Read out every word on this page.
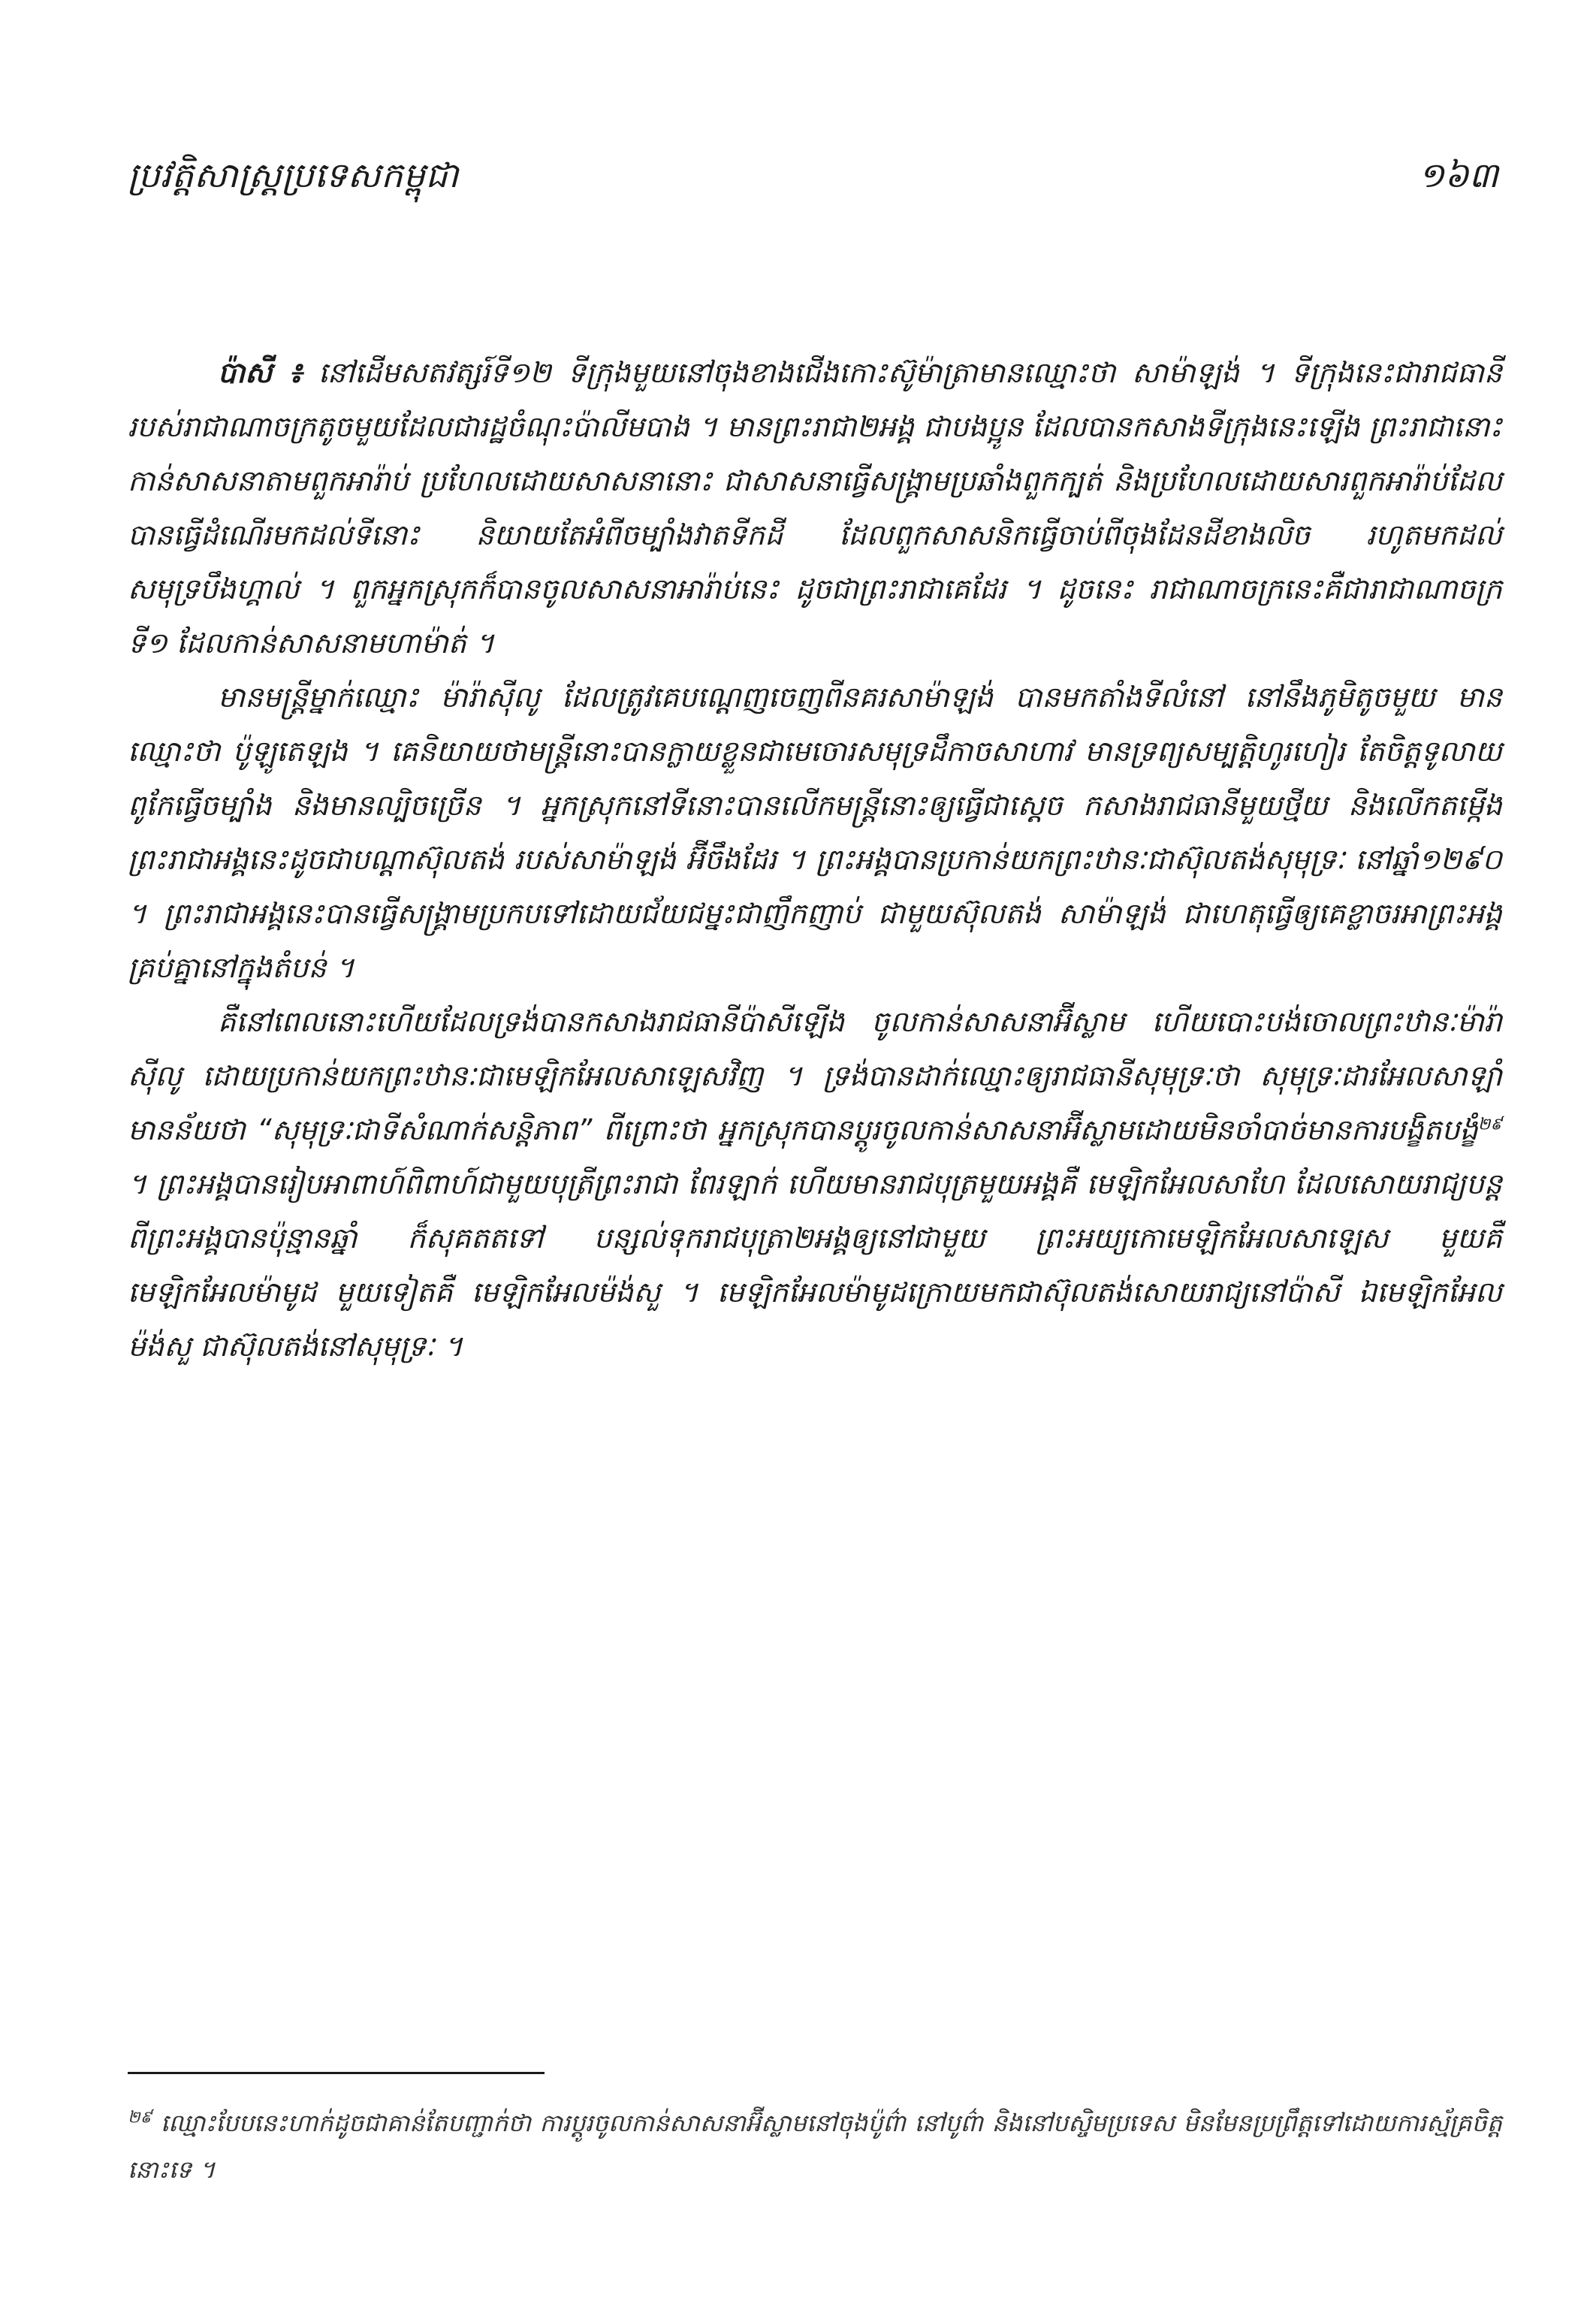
ប្រវត្តិសាស្ត្រប្រទេសកម្ពុជា	១៦៣

ប៉ាសី ៖ នៅដើមសតវត្សរ៍ទី១២ ទីក្រុងមួយនៅចុងខាងជើងកោះស៊ូម៉ាត្រាមានឈ្មោះថា សាម៉ាឡង់ ។ ទីក្រុងនេះជារាជធានីរបស់រាជាណាចក្រតូចមួយដែលជារដ្ឋចំណុះប៉ាលីមបាង ។ មានព្រះរាជា២អង្គ ជាបងប្អូន ដែលបានកសាងទីក្រុងនេះឡើង ព្រះរាជានោះកាន់សាសនាតាមពួកអារ៉ាប់ ប្រហែលដោយសាសនានោះ ជាសាសនាធ្វើសង្គ្រាមប្រឆាំងពួកក្បត់ និងប្រហែលដោយសារពួកអារ៉ាប់ដែលបានធ្វើដំណើរមកដល់ទីនោះ និយាយតែអំពីចម្បាំងវាតទីកដី ដែលពួកសាសនិកធ្វើចាប់ពីចុងដែនដីខាងលិច រហូតមកដល់សមុទ្របឹងហ្គាល់ ។ ពួកអ្នកស្រុកក៏បានចូលសាសនាអារ៉ាប់នេះ ដូចជាព្រះរាជាគេដែរ ។ ដូចនេះ រាជាណាចក្រនេះគឺជារាជាណាចក្រ ទី១ ដែលកាន់សាសនាមហាម៉ាត់ ។

មានមន្ត្រីម្នាក់ឈ្មោះ ម៉ារ៉ាស៊ីលូ ដែលត្រូវគេបណ្តេញចេញពីនគរសាម៉ាឡង់ បានមកតាំងទីលំនៅ នៅនឹងភូមិតូចមួយ មានឈ្មោះថា ប៉ូឡូតេឡង ។ គេនិយាយថាមន្ត្រីនោះបានក្លាយខ្លួនជាមេចោរសមុទ្រដឹកាចសាហាវ មានទ្រព្យសម្បត្តិហូរហៀរ តែចិត្តទូលាយ ពូកែធ្វើចម្បាំង និងមានល្បិចច្រើន ។ អ្នកស្រុកនៅទីនោះបានលើកមន្ត្រីនោះឲ្យធ្វើជាស្តេច កសាងរាជធានីមួយថ្មីយ និងលើកតម្កើងព្រះរាជាអង្គនេះដូចជាបណ្តាស៊ុលតង់ របស់សាម៉ាឡង់ អ៊ីចឹងដែរ ។ ព្រះអង្គបានប្រកាន់យកព្រះឋានៈជាស៊ុលតង់សុមុទ្រៈ នៅឆ្នាំ១២៩០ ។ ព្រះរាជាអង្គនេះបានធ្វើសង្គ្រាមប្រកបទៅដោយជ័យជម្នះជាញឹកញាប់ ជាមួយស៊ុលតង់ សាម៉ាឡង់ ជាហេតុធ្វើឲ្យគេខ្លាចរអាព្រះអង្គគ្រប់គ្នានៅក្នុងតំបន់ ។

គឺនៅពេលនោះហើយដែលទ្រង់បានកសាងរាជធានីប៉ាសីឡើង ចូលកាន់សាសនាអ៊ីស្លាម ហើយបោះបង់ចោលព្រះឋានៈម៉ារ៉ាស៊ីលូ ដោយប្រកាន់យកព្រះឋានៈជាមេឡិកអែលសាឡេសវិញ ។ ទ្រង់បានដាក់ឈ្មោះឲ្យរាជធានីសុមុទ្រៈថា សុមុទ្រៈដារអែលសាឡាំ មានន័យថា “សុមុទ្រៈជាទីសំណាក់សន្តិភាព” ពីព្រោះថា អ្នកស្រុកបានប្តូរចូលកាន់សាសនាអ៊ីស្លាមដោយមិនចាំបាច់មានការបង្ខិតបង្ខំ$^{២៩}$ ។ ព្រះអង្គបានរៀបអាពាហ៍ពិពាហ៍ជាមួយបុត្រីព្រះរាជា ពែរឡាក់ ហើយមានរាជបុត្រមួយអង្គគឺ មេឡិកអែលសាហែ ដែលសោយរាជ្យបន្តពីព្រះអង្គបានប៉ុន្មានឆ្នាំ ក៏សុគតតទៅ បន្សល់ទុករាជបុត្រា២អង្គឲ្យនៅជាមួយ ព្រះអយ្យកោមេឡិកអែលសាឡេស មួយគឺ មេឡិកអែលម៉ាមូដ មួយទៀតគឺ មេឡិកអែលម៉ង់សួ ។ មេឡិកអែលម៉ាមូដក្រោយមកជាស៊ុលតង់សោយរាជ្យនៅប៉ាសី ឯមេឡិកអែលម៉ង់សួ ជាស៊ុលតង់នៅសុមុទ្រៈ ។

$^{២៩}$ ឈ្មោះបែបនេះហាក់ដូចជាគាន់តែបញ្ជាក់ថា ការប្តូរចូលកាន់សាសនាអ៊ីស្លាមនៅចុងប៉ូព៌ា នៅបូព៌ា និងនៅបស្ចិមប្រទេស មិនមែនប្រព្រឹត្តទៅដោយការស្ម័គ្រចិត្តនោះទេ ។
